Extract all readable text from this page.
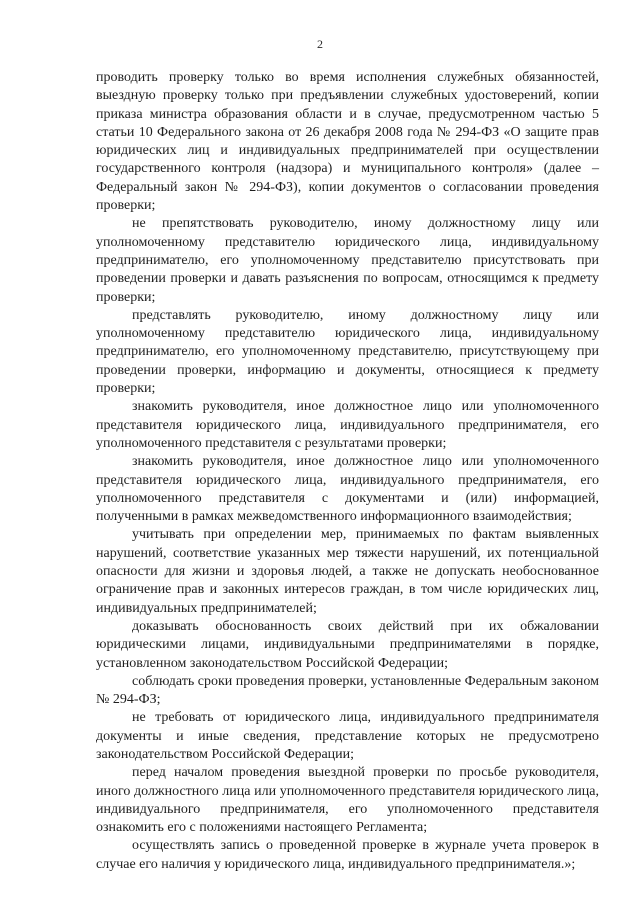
2

проводить проверку только во время исполнения служебных обязанностей, выездную проверку только при предъявлении служебных удостоверений, копии приказа министра образования области и в случае, предусмотренном частью 5 статьи 10 Федерального закона от 26 декабря 2008 года № 294-ФЗ «О защите прав юридических лиц и индивидуальных предпринимателей при осуществлении государственного контроля (надзора) и муниципального контроля» (далее – Федеральный закон № 294-ФЗ), копии документов о согласовании проведения проверки;

не препятствовать руководителю, иному должностному лицу или уполномоченному представителю юридического лица, индивидуальному предпринимателю, его уполномоченному представителю присутствовать при проведении проверки и давать разъяснения по вопросам, относящимся к предмету проверки;

представлять руководителю, иному должностному лицу или уполномоченному представителю юридического лица, индивидуальному предпринимателю, его уполномоченному представителю, присутствующему при проведении проверки, информацию и документы, относящиеся к предмету проверки;

знакомить руководителя, иное должностное лицо или уполномоченного представителя юридического лица, индивидуального предпринимателя, его уполномоченного представителя с результатами проверки;

знакомить руководителя, иное должностное лицо или уполномоченного представителя юридического лица, индивидуального предпринимателя, его уполномоченного представителя с документами и (или) информацией, полученными в рамках межведомственного информационного взаимодействия;

учитывать при определении мер, принимаемых по фактам выявленных нарушений, соответствие указанных мер тяжести нарушений, их потенциальной опасности для жизни и здоровья людей, а также не допускать необоснованное ограничение прав и законных интересов граждан, в том числе юридических лиц, индивидуальных предпринимателей;

доказывать обоснованность своих действий при их обжаловании юридическими лицами, индивидуальными предпринимателями в порядке, установленном законодательством Российской Федерации;

соблюдать сроки проведения проверки, установленные Федеральным законом № 294-ФЗ;

не требовать от юридического лица, индивидуального предпринимателя документы и иные сведения, представление которых не предусмотрено законодательством Российской Федерации;

перед началом проведения выездной проверки по просьбе руководителя, иного должностного лица или уполномоченного представителя юридического лица, индивидуального предпринимателя, его уполномоченного представителя ознакомить его с положениями настоящего Регламента;

осуществлять запись о проведенной проверке в журнале учета проверок в случае его наличия у юридического лица, индивидуального предпринимателя.»;
